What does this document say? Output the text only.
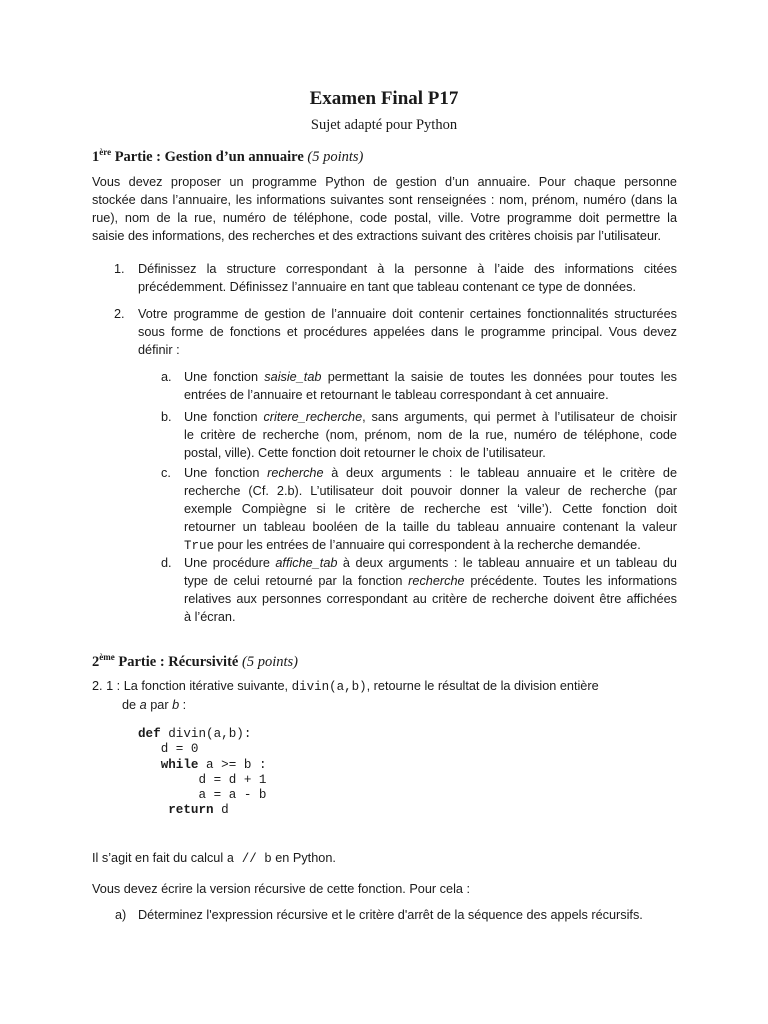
Examen Final P17
Sujet adapté pour Python
1ère Partie : Gestion d’un annuaire (5 points)
Vous devez proposer un programme Python de gestion d’un annuaire. Pour chaque personne
stockée dans l’annuaire, les informations suivantes sont renseignées : nom, prénom, numéro (dans la
rue), nom de la rue, numéro de téléphone, code postal, ville. Votre programme doit permettre la
saisie des informations, des recherches et des extractions suivant des critères choisis par l’utilisateur.
1. Définissez la structure correspondant à la personne à l’aide des informations citées
précédemment. Définissez l’annuaire en tant que tableau contenant ce type de données.
2. Votre programme de gestion de l’annuaire doit contenir certaines fonctionnalités structurées
sous forme de fonctions et procédures appelées dans le programme principal. Vous devez
définir :
a. Une fonction saisie_tab permettant la saisie de toutes les données pour toutes les
entrées de l’annuaire et retournant le tableau correspondant à cet annuaire.
b. Une fonction critere_recherche, sans arguments, qui permet à l’utilisateur de choisir
le critère de recherche (nom, prénom, nom de la rue, numéro de téléphone, code
postal, ville). Cette fonction doit retourner le choix de l’utilisateur.
c. Une fonction recherche à deux arguments : le tableau annuaire et le critère de
recherche (Cf. 2.b). L’utilisateur doit pouvoir donner la valeur de recherche (par
exemple Compiègne si le critère de recherche est ‘ville’). Cette fonction doit
retourner un tableau booléen de la taille du tableau annuaire contenant la valeur
True pour les entrées de l’annuaire qui correspondent à la recherche demandée.
d. Une procédure affiche_tab à deux arguments : le tableau annuaire et un tableau du
type de celui retourné par la fonction recherche précédente. Toutes les informations
relatives aux personnes correspondant au critère de recherche doivent être affichées
à l’écran.
2ème Partie : Récursivité (5 points)
2. 1 : La fonction itérative suivante, divin(a,b), retourne le résultat de la division entière
de a par b :
def divin(a,b):
d = 0
while a >= b :
d = d + 1
a = a - b
return d
Il s’agit en fait du calcul a // b en Python.
Vous devez écrire la version récursive de cette fonction. Pour cela :
a) Déterminez l'expression récursive et le critère d'arrêt de la séquence des appels récursifs.
